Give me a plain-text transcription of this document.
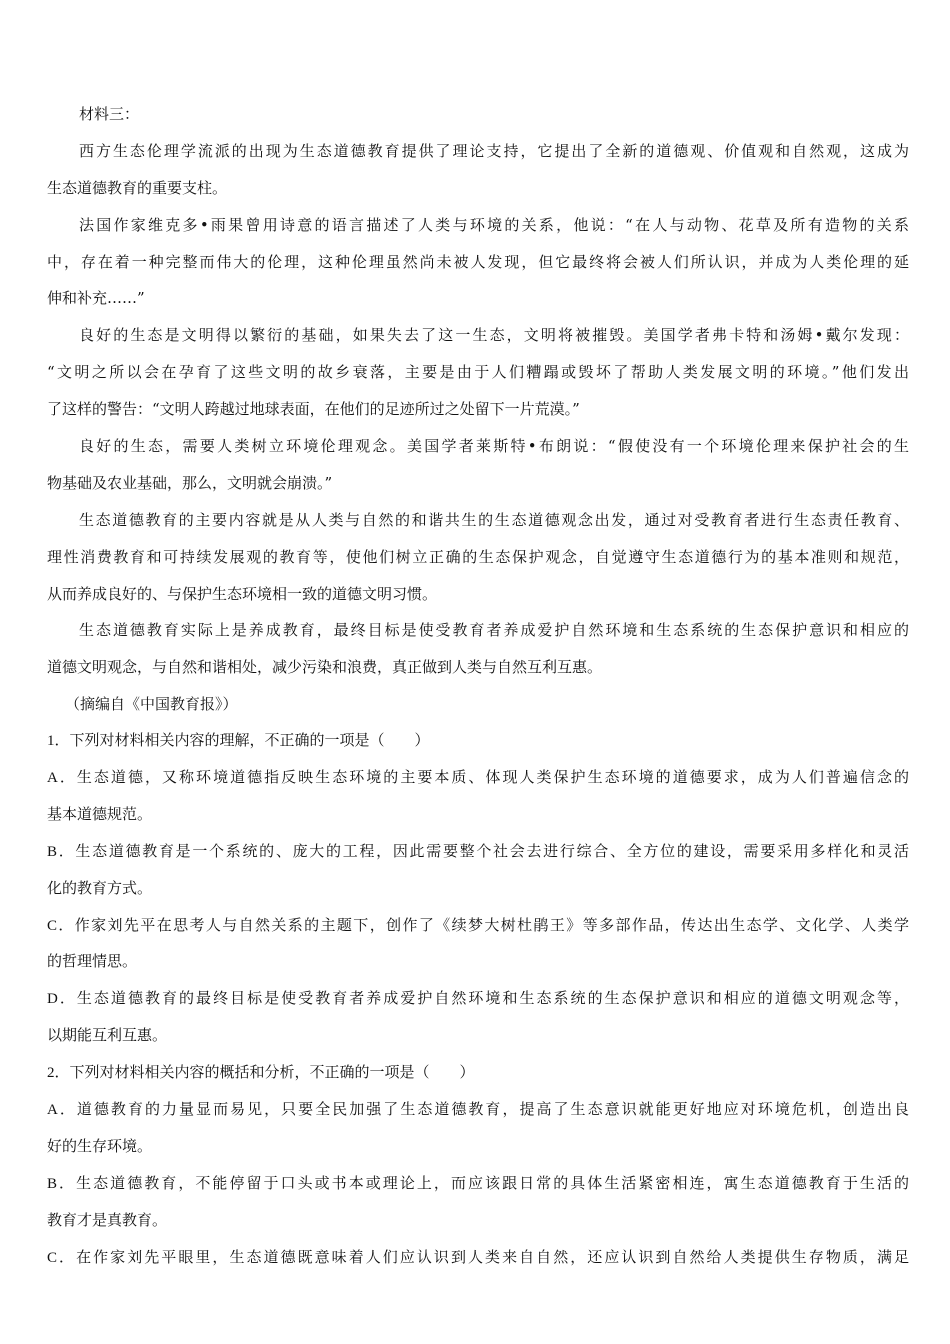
材料三：
西方生态伦理学流派的出现为生态道德教育提供了理论支持，它提出了全新的道德观、价值观和自然观，这成为
生态道德教育的重要支柱。
法国作家维克多•雨果曾用诗意的语言描述了人类与环境的关系，他说：“在人与动物、花草及所有造物的关系
中，存在着一种完整而伟大的伦理，这种伦理虽然尚未被人发现，但它最终将会被人们所认识，并成为人类伦理的延
伸和补充……”
良好的生态是文明得以繁衍的基础，如果失去了这一生态，文明将被摧毁。美国学者弗卡特和汤姆•戴尔发现：
“文明之所以会在孕育了这些文明的故乡衰落，主要是由于人们糟蹋或毁坏了帮助人类发展文明的环境。”他们发出
了这样的警告：“文明人跨越过地球表面，在他们的足迹所过之处留下一片荒漠。”
良好的生态，需要人类树立环境伦理观念。美国学者莱斯特•布朗说：“假使没有一个环境伦理来保护社会的生
物基础及农业基础，那么，文明就会崩溃。”
生态道德教育的主要内容就是从人类与自然的和谐共生的生态道德观念出发，通过对受教育者进行生态责任教育、
理性消费教育和可持续发展观的教育等，使他们树立正确的生态保护观念，自觉遵守生态道德行为的基本准则和规范，
从而养成良好的、与保护生态环境相一致的道德文明习惯。
生态道德教育实际上是养成教育，最终目标是使受教育者养成爱护自然环境和生态系统的生态保护意识和相应的
道德文明观念，与自然和谐相处，减少污染和浪费，真正做到人类与自然互利互惠。
（摘编自《中国教育报》）
1．下列对材料相关内容的理解，不正确的一项是（　　）
A．生态道德，又称环境道德指反映生态环境的主要本质、体现人类保护生态环境的道德要求，成为人们普遍信念的
基本道德规范。
B．生态道德教育是一个系统的、庞大的工程，因此需要整个社会去进行综合、全方位的建设，需要采用多样化和灵活
化的教育方式。
C．作家刘先平在思考人与自然关系的主题下，创作了《续梦大树杜鹃王》等多部作品，传达出生态学、文化学、人类学
的哲理情思。
D．生态道德教育的最终目标是使受教育者养成爱护自然环境和生态系统的生态保护意识和相应的道德文明观念等，
以期能互利互惠。
2．下列对材料相关内容的概括和分析，不正确的一项是（　　）
A．道德教育的力量显而易见，只要全民加强了生态道德教育，提高了生态意识就能更好地应对环境危机，创造出良
好的生存环境。
B．生态道德教育，不能停留于口头或书本或理论上，而应该跟日常的具体生活紧密相连，寓生态道德教育于生活的
教育才是真教育。
C．在作家刘先平眼里，生态道德既意味着人们应认识到人类来自自然，还应认识到自然给人类提供生存物质，满足
